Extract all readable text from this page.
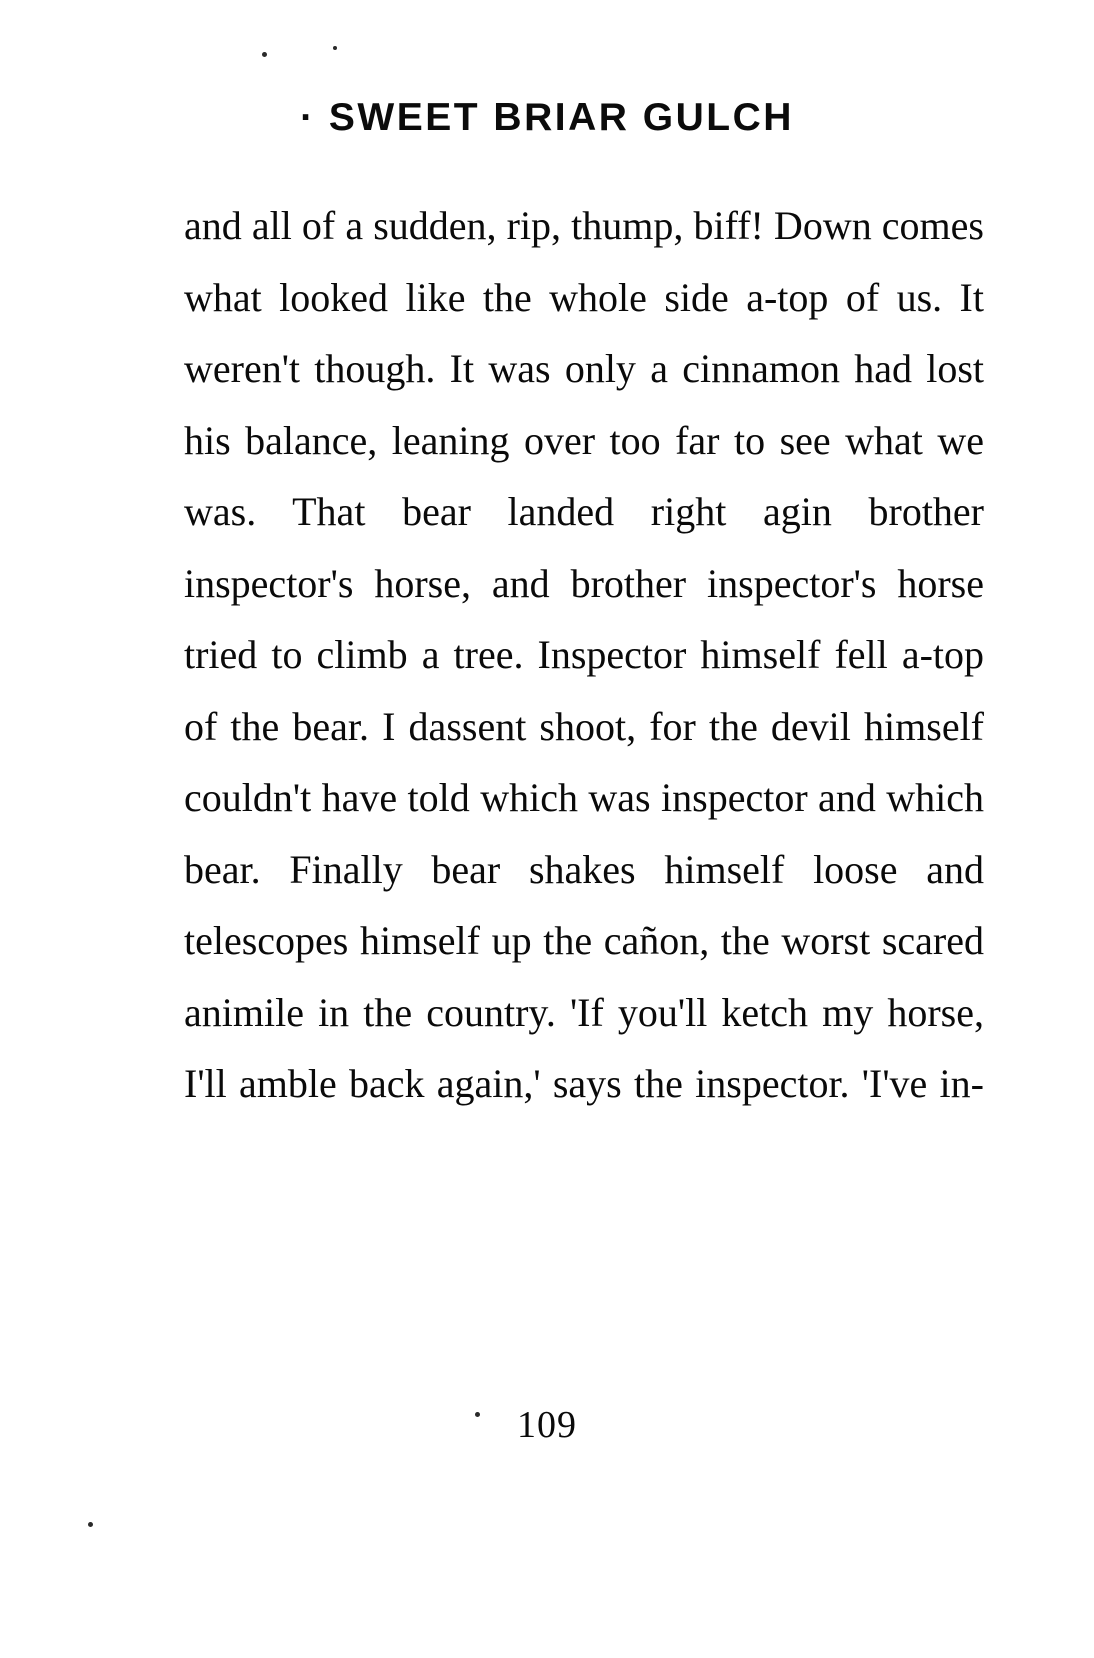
· SWEET BRIAR GULCH

and all of a sudden, rip, thump, biff! Down comes what looked like the whole side a-top of us. It weren't though. It was only a cinnamon had lost his balance, leaning over too far to see what we was. That bear landed right agin brother inspector's horse, and brother inspector's horse tried to climb a tree. Inspector himself fell a-top of the bear. I dassent shoot, for the devil himself couldn't have told which was inspector and which bear. Finally bear shakes himself loose and telescopes himself up the cañon, the worst scared animile in the country. 'If you'll ketch my horse, I'll amble back again,' says the inspector. 'I've in-

109
